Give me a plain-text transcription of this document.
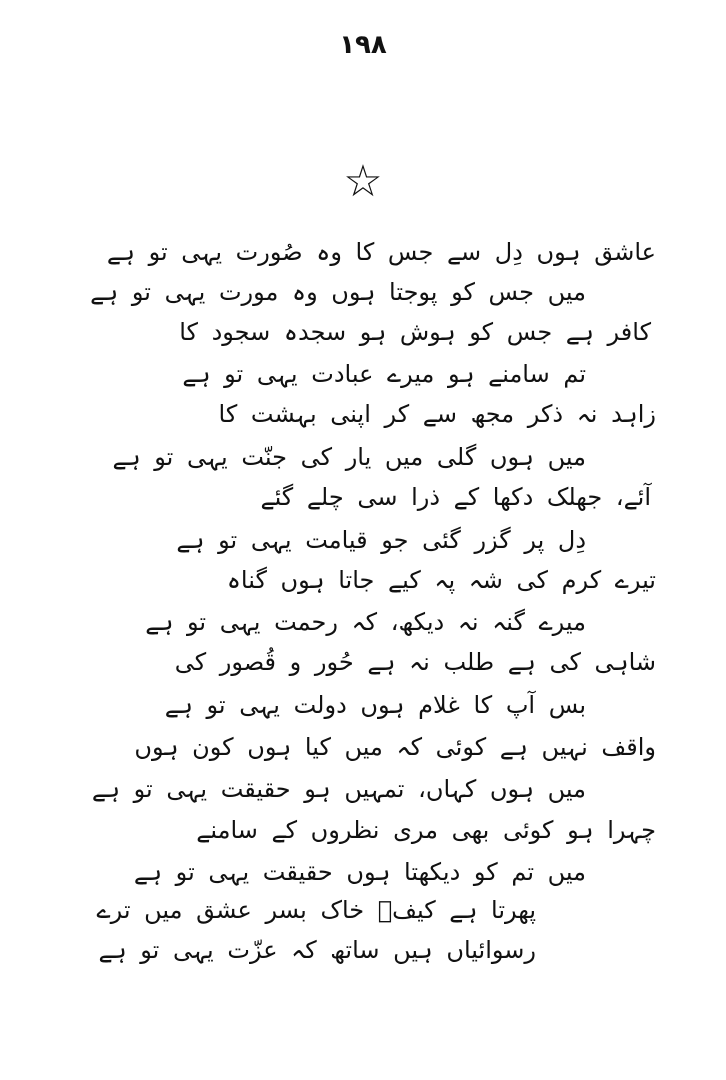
١٩٨
☆
عاشق ہوں دِل سے جس کا وہ صُورت یہی تو ہے
میں جس کو پوجتا ہوں وہ مورت یہی تو ہے
کافر ہے جس کو ہوش ہو سجدہ سجود کا
تم سامنے ہو میرے عبادت یہی تو ہے
زاہد نہ ذکر مجھ سے کر اپنی بہشت کا
میں ہوں گلی میں یار کی جنّت یہی تو ہے
آئے، جھلک دکھا کے ذرا سی چلے گئے
دِل پر گزر گئی جو قیامت یہی تو ہے
تیرے کرم کی شہ پہ کیے جاتا ہوں گناہ
میرے گنہ نہ دیکھ، کہ رحمت یہی تو ہے
شاہی کی ہے طلب نہ ہے حُور و قُصور کی
بس آپ کا غلام ہوں دولت یہی تو ہے
واقف نہیں ہے کوئی کہ میں کیا ہوں کون ہوں
میں ہوں کہاں، تمہیں ہو حقیقت یہی تو ہے
چہرا ہو کوئی بھی مری نظروں کے سامنے
میں تم کو دیکھتا ہوں حقیقت یہی تو ہے
پھرتا ہے کیفؔ خاک بسر عشق میں ترے
رسوائیاں ہیں ساتھ کہ عزّت یہی تو ہے
